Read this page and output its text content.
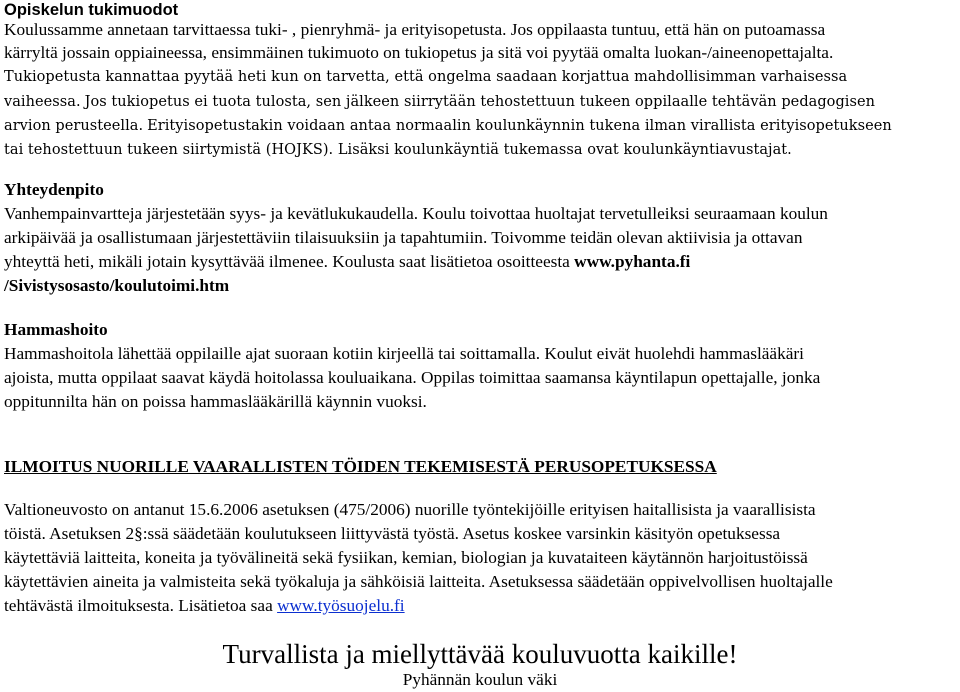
Opiskelun tukimuodot
Koulussamme annetaan tarvittaessa tuki- , pienryhmä- ja erityisopetusta. Jos oppilaasta tuntuu, että hän on putoamassa
kärryltä jossain oppiaineessa, ensimmäinen tukimuoto on tukiopetus ja sitä voi pyytää omalta luokan-/aineenopettajalta.
Tukiopetusta kannattaa pyytää heti kun on tarvetta, että ongelma saadaan korjattua mahdollisimman varhaisessa
vaiheessa. Jos tukiopetus ei tuota tulosta, sen jälkeen siirrytään tehostettuun tukeen oppilaalle tehtävän pedagogisen
arvion perusteella. Erityisopetustakin voidaan antaa normaalin koulunkäynnin tukena ilman virallista erityisopetukseen
tai tehostettuun tukeen siirtymistä (HOJKS). Lisäksi koulunkäyntiä tukemassa ovat koulunkäyntiavustajat.
Yhteydenpito
Vanhempainvartteja järjestetään syys- ja kevätlukukaudella. Koulu toivottaa huoltajat tervetulleiksi seuraamaan koulun
arkipäivää ja osallistumaan järjestettäviin tilaisuuksiin ja tapahtumiin. Toivomme teidän olevan aktiivisia ja ottavan
yhteyttä heti, mikäli jotain kysyttävää ilmenee. Koulusta saat lisätietoa osoitteesta www.pyhanta.fi
/Sivistysosasto/koulutoimi.htm
Hammashoito
Hammashoitola lähettää oppilaille ajat suoraan kotiin kirjeellä tai soittamalla. Koulut eivät huolehdi hammaslääkäri
ajoista, mutta oppilaat saavat käydä hoitolassa kouluaikana. Oppilas toimittaa saamansa käyntilapun opettajalle, jonka
oppitunnilta hän on poissa hammaslääkärillä käynnin vuoksi.
ILMOITUS NUORILLE VAARALLISTEN TÖIDEN TEKEMISESTÄ PERUSOPETUKSESSA
Valtioneuvosto on antanut 15.6.2006 asetuksen (475/2006) nuorille työntekijöille erityisen haitallisista ja vaarallisista
töistä. Asetuksen 2§:ssä säädetään koulutukseen liittyvästä työstä. Asetus koskee varsinkin käsityön opetuksessa
käytettäviä laitteita, koneita ja työvälineitä sekä fysiikan, kemian, biologian ja kuvataiteen käytännön harjoitustöissä
käytettävien aineita ja valmisteita sekä työkaluja ja sähköisiä laitteita. Asetuksessa säädetään oppivelvollisen huoltajalle
tehtävästä ilmoituksesta. Lisätietoa saa www.työsuojelu.fi
Turvallista ja miellyttävää kouluvuotta kaikille!
Pyhännän koulun väki
